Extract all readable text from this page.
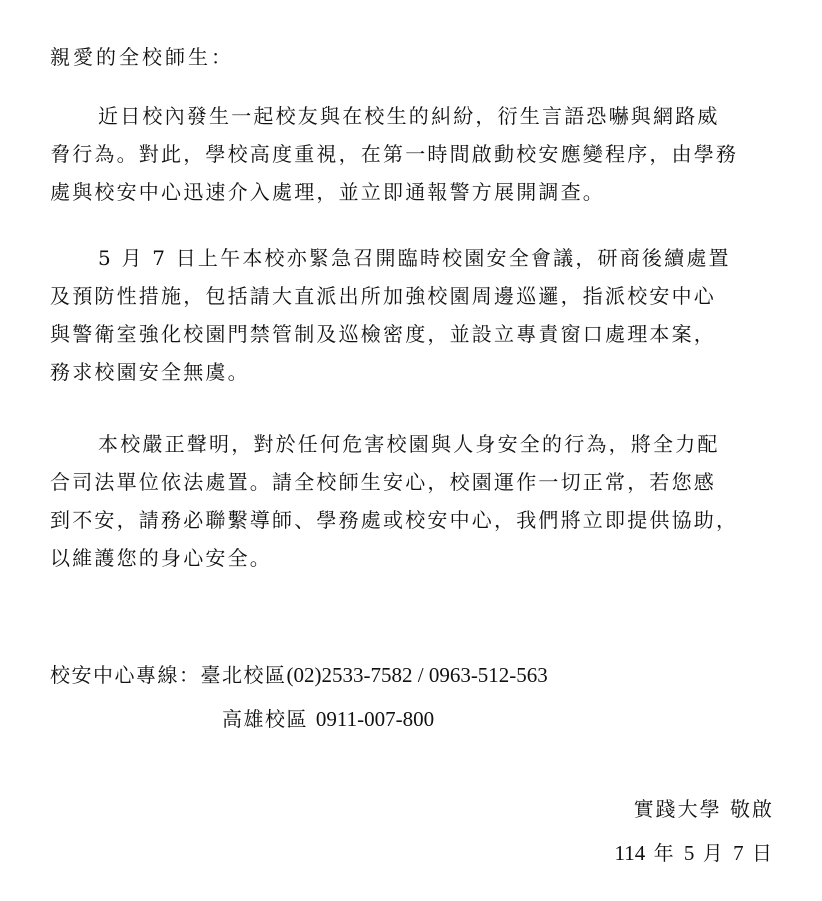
親愛的全校師生：
近日校內發生一起校友與在校生的糾紛，衍生言語恐嚇與網路威
脅行為。對此，學校高度重視，在第一時間啟動校安應變程序，由學務
處與校安中心迅速介入處理，並立即通報警方展開調查。
5 月 7 日上午本校亦緊急召開臨時校園安全會議，研商後續處置
及預防性措施，包括請大直派出所加強校園周邊巡邏，指派校安中心
與警衛室強化校園門禁管制及巡檢密度，並設立專責窗口處理本案，
務求校園安全無虞。
本校嚴正聲明，對於任何危害校園與人身安全的行為，將全力配
合司法單位依法處置。請全校師生安心，校園運作一切正常，若您感
到不安，請務必聯繫導師、學務處或校安中心，我們將立即提供協助，
以維護您的身心安全。
校安中心專線：臺北校區(02)2533-7582 / 0963-512-563
高雄校區 0911-007-800
實踐大學 敬啟
114 年 5 月 7 日
